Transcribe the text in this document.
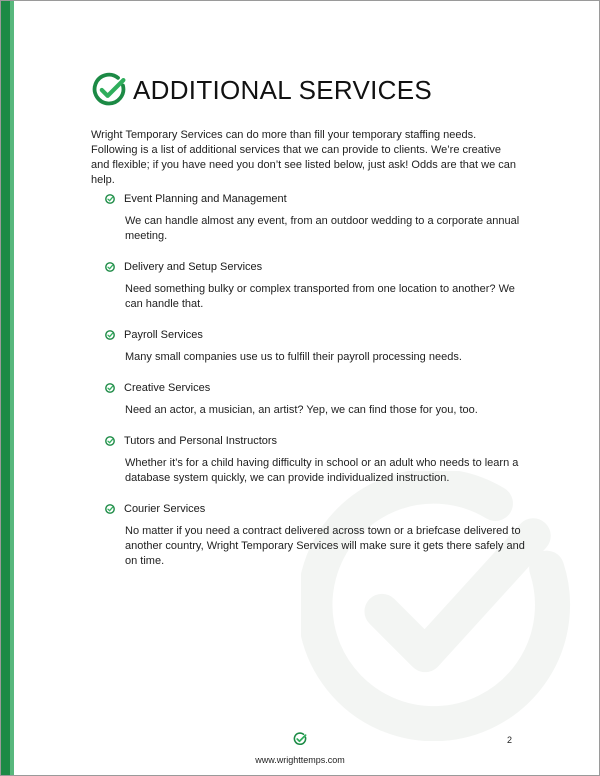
ADDITIONAL SERVICES

Wright Temporary Services can do more than fill your temporary staffing needs. Following is a list of additional services that we can provide to clients. We’re creative and flexible; if you have need you don’t see listed below, just ask! Odds are that we can help.

Event Planning and Management
We can handle almost any event, from an outdoor wedding to a corporate annual meeting.
Delivery and Setup Services
Need something bulky or complex transported from one location to another? We can handle that.
Payroll Services
Many small companies use us to fulfill their payroll processing needs.
Creative Services
Need an actor, a musician, an artist? Yep, we can find those for you, too.
Tutors and Personal Instructors
Whether it’s for a child having difficulty in school or an adult who needs to learn a database system quickly, we can provide individualized instruction.
Courier Services
No matter if you need a contract delivered across town or a briefcase delivered to another country, Wright Temporary Services will make sure it gets there safely and on time.
www.wrighttemps.com
2
